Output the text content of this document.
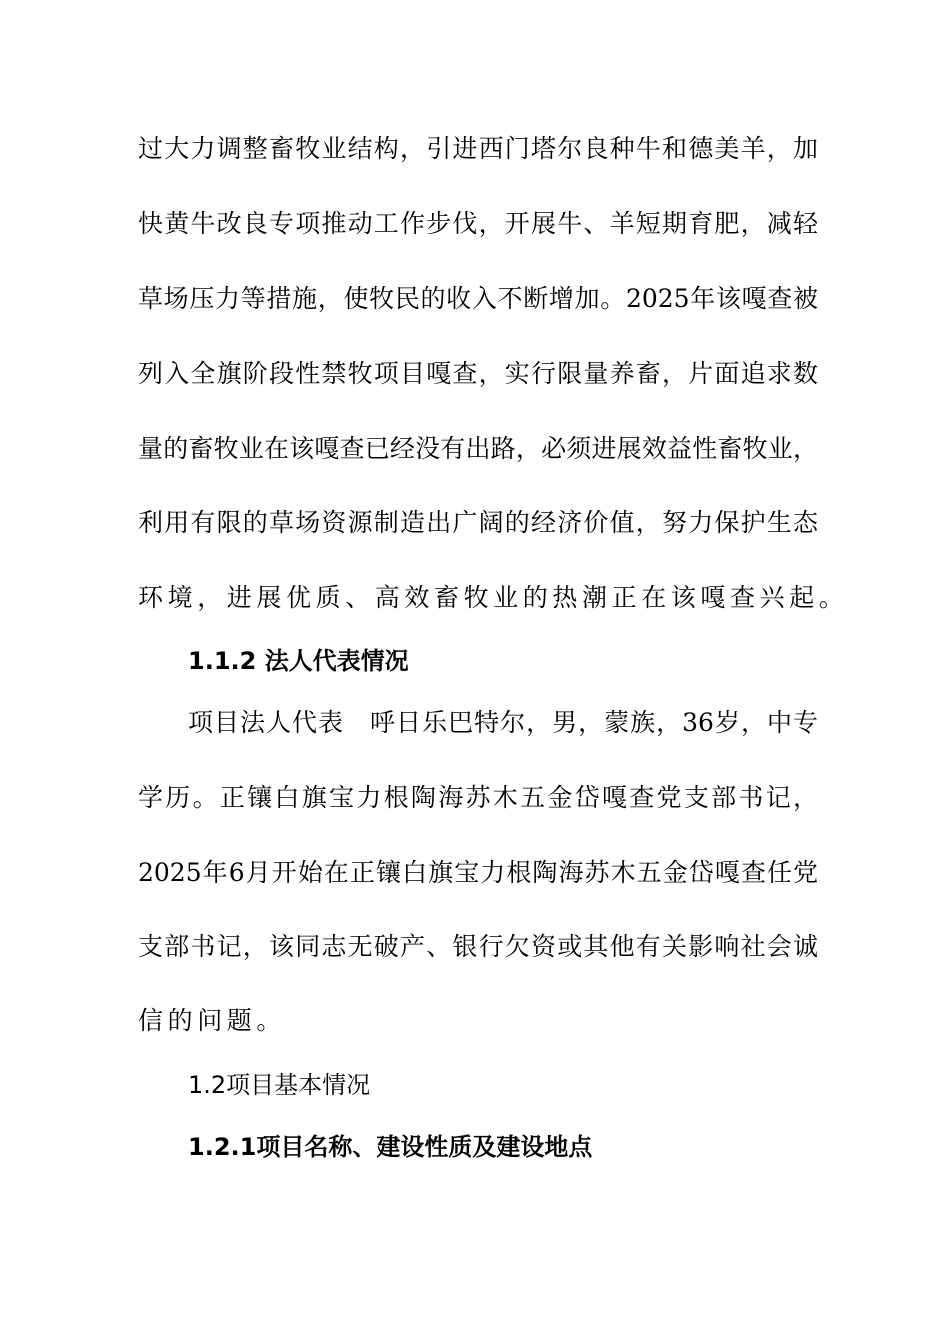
过大力调整畜牧业结构，引进西门塔尔良种牛和德美羊，加
快黄牛改良专项推动工作步伐，开展牛、羊短期育肥，减轻
草场压力等措施，使牧民的收入不断增加。2025年该嘎查被
列入全旗阶段性禁牧项目嘎查，实行限量养畜，片面追求数
量的畜牧业在该嘎查已经没有出路，必须进展效益性畜牧业，
利用有限的草场资源制造出广阔的经济价值，努力保护生态
环境，进展优质、高效畜牧业的热潮正在该嘎查兴起。
1.1.2 法人代表情况
项目法人代表　呼日乐巴特尔，男，蒙族，36岁，中专
学历。正镶白旗宝力根陶海苏木五金岱嘎查党支部书记，
2025年6月开始在正镶白旗宝力根陶海苏木五金岱嘎查任党
支部书记，该同志无破产、银行欠资或其他有关影响社会诚
信的问题。
1.2项目基本情况
1.2.1项目名称、建设性质及建设地点
